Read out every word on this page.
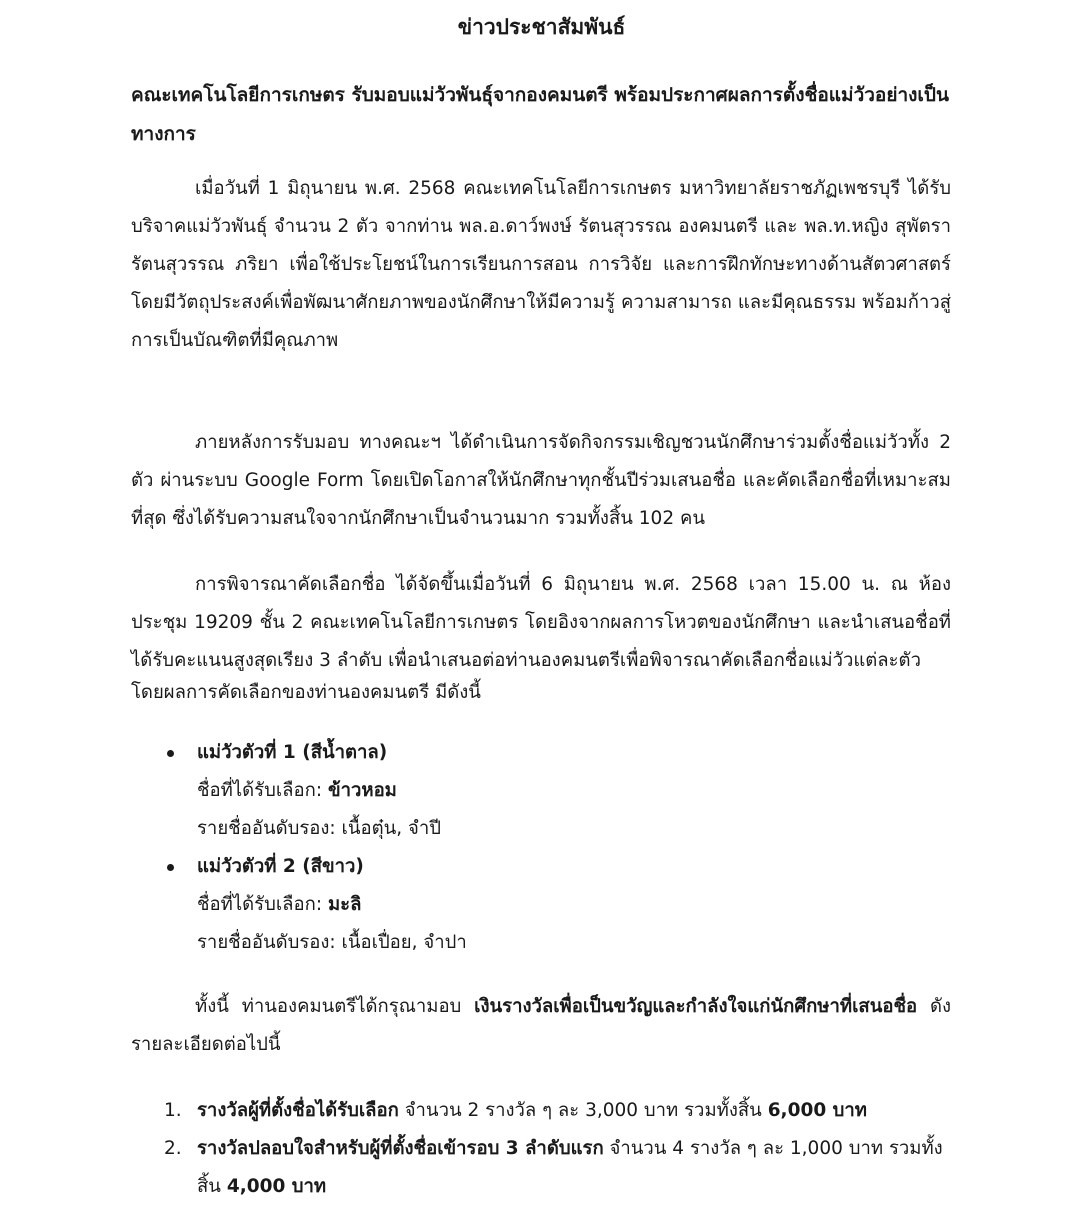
ข่าวประชาสัมพันธ์
คณะเทคโนโลยีการเกษตร รับมอบแม่วัวพันธุ์จากองคมนตรี พร้อมประกาศผลการตั้งชื่อแม่วัวอย่างเป็นทางการ

เมื่อวันที่ 1 มิถุนายน พ.ศ. 2568 คณะเทคโนโลยีการเกษตร มหาวิทยาลัยราชภัฏเพชรบุรี ได้รับบริจาคแม่วัวพันธุ์ จำนวน 2 ตัว จากท่าน พล.อ.ดาว์พงษ์ รัตนสุวรรณ องคมนตรี และ พล.ท.หญิง สุพัตรา รัตนสุวรรณ ภริยา เพื่อใช้ประโยชน์ในการเรียนการสอน การวิจัย และการฝึกทักษะทางด้านสัตวศาสตร์ โดยมีวัตถุประสงค์เพื่อพัฒนาศักยภาพของนักศึกษาให้มีความรู้ ความสามารถ และมีคุณธรรม พร้อมก้าวสู่การเป็นบัณฑิตที่มีคุณภาพ

ภายหลังการรับมอบ ทางคณะฯ ได้ดำเนินการจัดกิจกรรมเชิญชวนนักศึกษาร่วมตั้งชื่อแม่วัวทั้ง 2 ตัว ผ่านระบบ Google Form โดยเปิดโอกาสให้นักศึกษาทุกชั้นปีร่วมเสนอชื่อ และคัดเลือกชื่อที่เหมาะสมที่สุด ซึ่งได้รับความสนใจจากนักศึกษาเป็นจำนวนมาก รวมทั้งสิ้น 102 คน

การพิจารณาคัดเลือกชื่อ ได้จัดขึ้นเมื่อวันที่ 6 มิถุนายน พ.ศ. 2568 เวลา 15.00 น. ณ ห้องประชุม 19209 ชั้น 2 คณะเทคโนโลยีการเกษตร โดยอิงจากผลการโหวตของนักศึกษา และนำเสนอชื่อที่ได้รับคะแนนสูงสุดเรียง 3 ลำดับ เพื่อนำเสนอต่อท่านองคมนตรีเพื่อพิจารณาคัดเลือกชื่อแม่วัวแต่ละตัว

โดยผลการคัดเลือกของท่านองคมนตรี มีดังนี้

แม่วัวตัวที่ 1 (สีน้ำตาล)
ชื่อที่ได้รับเลือก: ข้าวหอม
รายชื่ออันดับรอง: เนื้อตุ๋น, จำปี
แม่วัวตัวที่ 2 (สีขาว)
ชื่อที่ได้รับเลือก: มะลิ
รายชื่ออันดับรอง: เนื้อเปื่อย, จำปา

ทั้งนี้ ท่านองคมนตรีได้กรุณามอบ เงินรางวัลเพื่อเป็นขวัญและกำลังใจแก่นักศึกษาที่เสนอชื่อ ดังรายละเอียดต่อไปนี้

1. รางวัลผู้ที่ตั้งชื่อได้รับเลือก จำนวน 2 รางวัล ๆ ละ 3,000 บาท รวมทั้งสิ้น 6,000 บาท
2. รางวัลปลอบใจสำหรับผู้ที่ตั้งชื่อเข้ารอบ 3 ลำดับแรก จำนวน 4 รางวัล ๆ ละ 1,000 บาท รวมทั้งสิ้น 4,000 บาท
